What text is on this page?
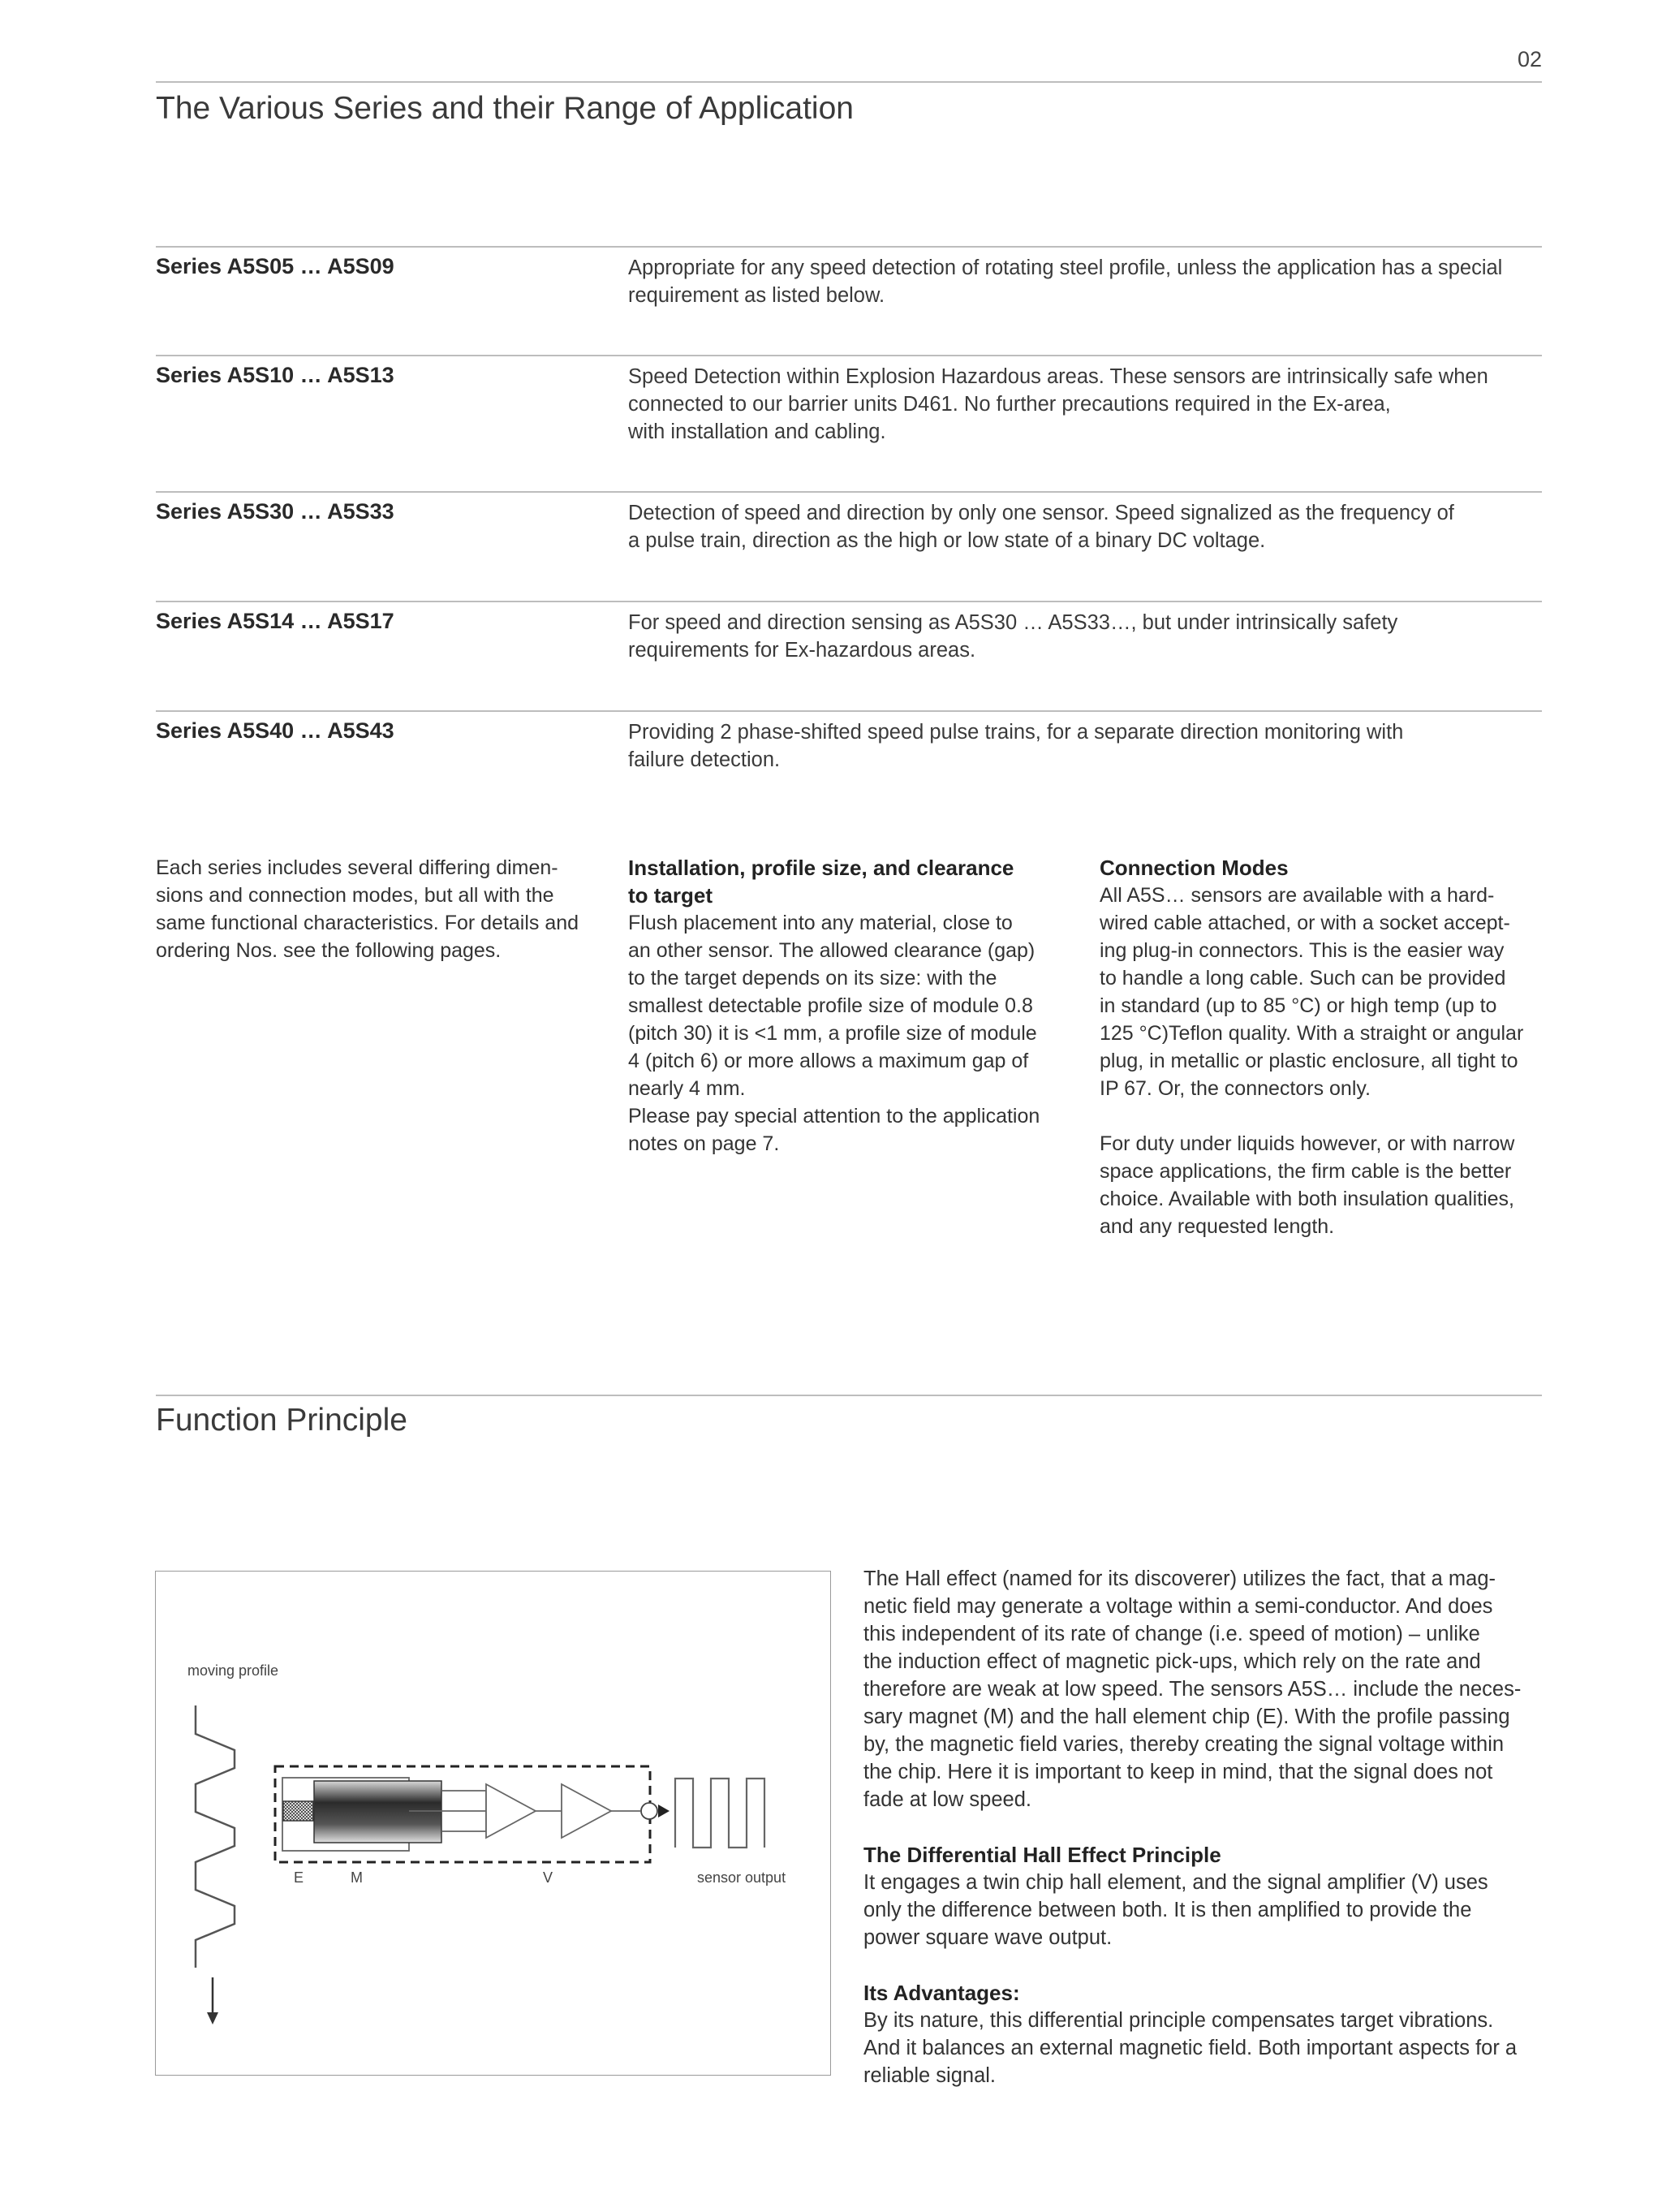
02
The Various Series and their Range of Application
Series A5S05 … A5S09	Appropriate for any speed detection of rotating steel profile, unless the application has a special
requirement as listed below.
Series A5S10 … A5S13	Speed Detection within Explosion Hazardous areas. These sensors are intrinsically safe when
connected to our barrier units D461. No further precautions required in the Ex-area,
with installation and cabling.
Series A5S30 … A5S33	Detection of speed and direction by only one sensor. Speed signalized as the frequency of
a pulse train, direction as the high or low state of a binary DC voltage.
Series A5S14 … A5S17	For speed and direction sensing as A5S30 … A5S33…, but under intrinsically safety
requirements for Ex-hazardous areas.
Series A5S40 … A5S43	Providing 2 phase-shifted speed pulse trains, for a separate direction monitoring with
failure detection.

Each series includes several differing dimen-

sions and connection modes, but all with the

same functional characteristics. For details and

ordering Nos. see the following pages.

Installation, profile size, and clearance

to target

Flush placement into any material, close to

an other sensor. The allowed clearance (gap)

to the target depends on its size: with the

smallest detectable profile size of module 0.8

(pitch 30) it is <1 mm, a profile size of module

4 (pitch 6) or more allows a maximum gap of

nearly 4 mm.

Please pay special attention to the application

notes on page 7.

Connection Modes

All A5S… sensors are available with a hard-

wired cable attached, or with a socket accept-

ing plug-in connectors. This is the easier way

to handle a long cable. Such can be provided

in standard (up to 85 °C) or high temp (up to

125 °C)Teflon quality. With a straight or angular

plug, in metallic or plastic enclosure, all tight to

IP 67. Or, the connectors only.

For duty under liquids however, or with narrow

space applications, the firm cable is the better

choice. Available with both insulation qualities,

and any requested length.

Function Principle
moving profile
E	M	V	sensor output

The Hall effect (named for its discoverer) utilizes the fact, that a mag-

netic field may generate a voltage within a semi-conductor. And does

this independent of its rate of change (i.e. speed of motion) – unlike

the induction effect of magnetic pick-ups, which rely on the rate and

therefore are weak at low speed. The sensors A5S… include the neces-

sary magnet (M) and the hall element chip (E). With the profile passing

by, the magnetic field varies, thereby creating the signal voltage within

the chip. Here it is important to keep in mind, that the signal does not

fade at low speed.

The Differential Hall Effect Principle

It engages a twin chip hall element, and the signal amplifier (V) uses

only the difference between both. It is then amplified to provide the

power square wave output.

Its Advantages:

By its nature, this differential principle compensates target vibrations.

And it balances an external magnetic field. Both important aspects for a

reliable signal.
